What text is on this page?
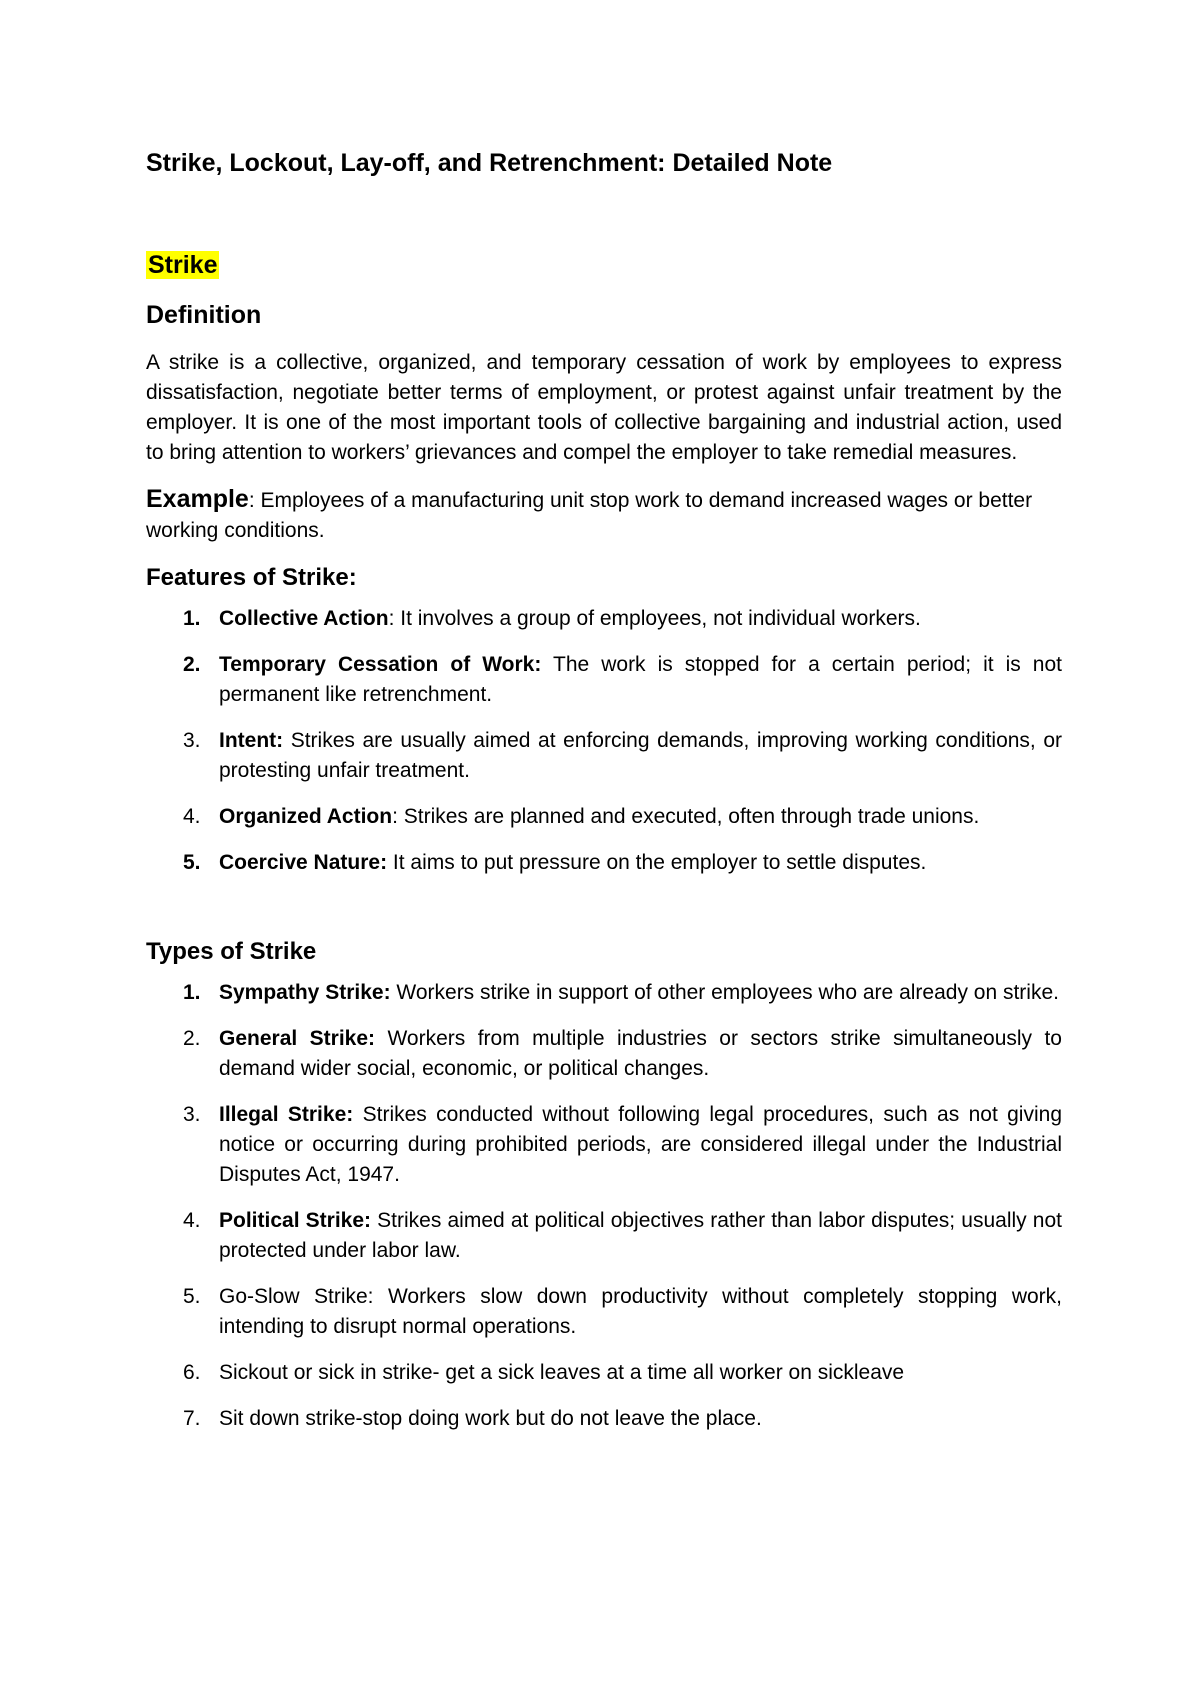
Strike, Lockout, Lay-off, and Retrenchment: Detailed Note
Strike
Definition

A strike is a collective, organized, and temporary cessation of work by employees to express dissatisfaction, negotiate better terms of employment, or protest against unfair treatment by the employer. It is one of the most important tools of collective bargaining and industrial action, used to bring attention to workers’ grievances and compel the employer to take remedial measures.

Example: Employees of a manufacturing unit stop work to demand increased wages or better working conditions.

Features of Strike:
1. Collective Action: It involves a group of employees, not individual workers.
2. Temporary Cessation of Work: The work is stopped for a certain period; it is not permanent like retrenchment.
3. Intent: Strikes are usually aimed at enforcing demands, improving working conditions, or protesting unfair treatment.
4. Organized Action: Strikes are planned and executed, often through trade unions.
5. Coercive Nature: It aims to put pressure on the employer to settle disputes.
Types of Strike
1. Sympathy Strike: Workers strike in support of other employees who are already on strike.
2. General Strike: Workers from multiple industries or sectors strike simultaneously to demand wider social, economic, or political changes.
3. Illegal Strike: Strikes conducted without following legal procedures, such as not giving notice or occurring during prohibited periods, are considered illegal under the Industrial Disputes Act, 1947.
4. Political Strike: Strikes aimed at political objectives rather than labor disputes; usually not protected under labor law.
5. Go-Slow Strike: Workers slow down productivity without completely stopping work, intending to disrupt normal operations.
6. Sickout or sick in strike- get a sick leaves at a time all worker on sickleave
7. Sit down strike-stop doing work but do not leave the place.
